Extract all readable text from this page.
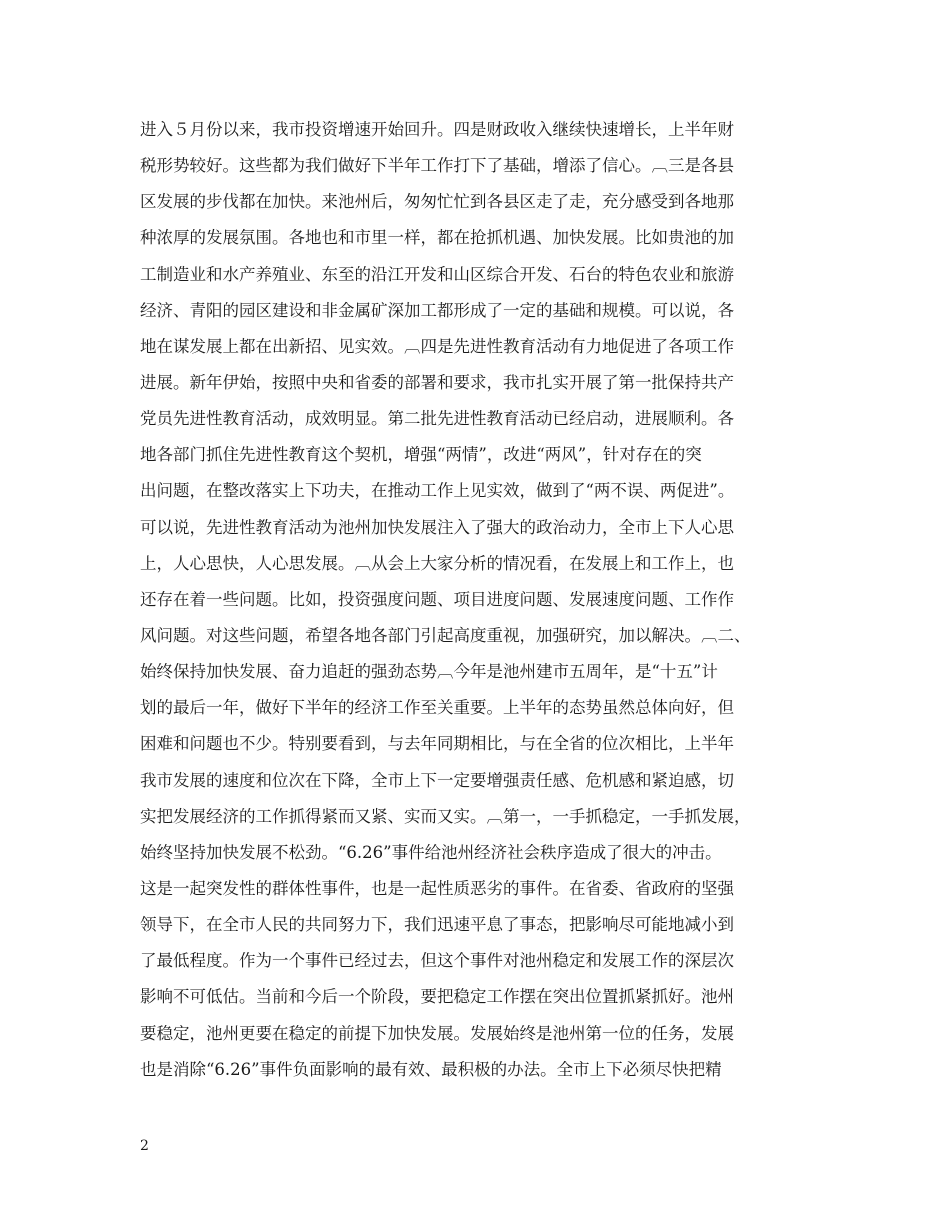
进入５月份以来，我市投资增速开始回升。四是财政收入继续快速增长，上半年财
税形势较好。这些都为我们做好下半年工作打下了基础，增添了信心。︹三是各县
区发展的步伐都在加快。来池州后，匆匆忙忙到各县区走了走，充分感受到各地那
种浓厚的发展氛围。各地也和市里一样，都在抢抓机遇、加快发展。比如贵池的加
工制造业和水产养殖业、东至的沿江开发和山区综合开发、石台的特色农业和旅游
经济、青阳的园区建设和非金属矿深加工都形成了一定的基础和规模。可以说，各
地在谋发展上都在出新招、见实效。︹四是先进性教育活动有力地促进了各项工作
进展。新年伊始，按照中央和省委的部署和要求，我市扎实开展了第一批保持共产
党员先进性教育活动，成效明显。第二批先进性教育活动已经启动，进展顺利。各
地各部门抓住先进性教育这个契机，增强“两情”，改进“两风”，针对存在的突
出问题，在整改落实上下功夫，在推动工作上见实效，做到了“两不误、两促进”。
可以说，先进性教育活动为池州加快发展注入了强大的政治动力，全市上下人心思
上，人心思快，人心思发展。︹从会上大家分析的情况看，在发展上和工作上，也
还存在着一些问题。比如，投资强度问题、项目进度问题、发展速度问题、工作作
风问题。对这些问题，希望各地各部门引起高度重视，加强研究，加以解决。︹二、
始终保持加快发展、奋力追赶的强劲态势︹今年是池州建市五周年，是“十五”计
划的最后一年，做好下半年的经济工作至关重要。上半年的态势虽然总体向好，但
困难和问题也不少。特别要看到，与去年同期相比，与在全省的位次相比，上半年
我市发展的速度和位次在下降，全市上下一定要增强责任感、危机感和紧迫感，切
实把发展经济的工作抓得紧而又紧、实而又实。︹第一，一手抓稳定，一手抓发展，
始终坚持加快发展不松劲。“6.26”事件给池州经济社会秩序造成了很大的冲击。
这是一起突发性的群体性事件，也是一起性质恶劣的事件。在省委、省政府的坚强
领导下，在全市人民的共同努力下，我们迅速平息了事态，把影响尽可能地减小到
了最低程度。作为一个事件已经过去，但这个事件对池州稳定和发展工作的深层次
影响不可低估。当前和今后一个阶段，要把稳定工作摆在突出位置抓紧抓好。池州
要稳定，池州更要在稳定的前提下加快发展。发展始终是池州第一位的任务，发展
也是消除“6.26”事件负面影响的最有效、最积极的办法。全市上下必须尽快把精
2
